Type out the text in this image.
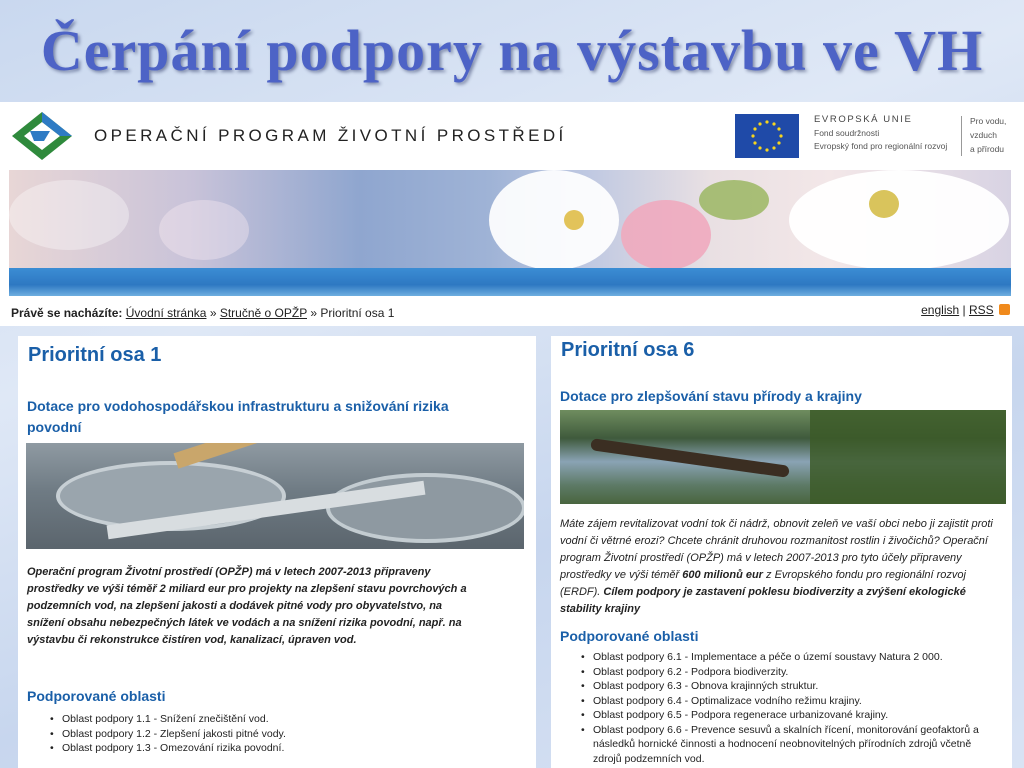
Čerpání podpory na výstavbu ve VH
OPERAČNÍ PROGRAM ŽIVOTNÍ PROSTŘEDÍ
EVROPSKÁ UNIE
Fond soudržnosti
Evropský fond pro regionální rozvoj
Pro vodu,
vzduch
a přírodu
Právě se nacházíte: Úvodní stránka » Stručně o OPŽP » Prioritní osa 1	english | RSS
Prioritní osa 1
Dotace pro vodohospodářskou infrastrukturu a snižování rizika povodní
Operační program Životní prostředí (OPŽP) má v letech 2007-2013 připraveny prostředky ve výši téměř 2 miliard eur pro projekty na zlepšení stavu povrchových a podzemních vod, na zlepšení jakosti a dodávek pitné vody pro obyvatelstvo, na snížení obsahu nebezpečných látek ve vodách a na snížení rizika povodní, např. na výstavbu či rekonstrukce čistíren vod, kanalizací, úpraven vod.
Podporované oblasti
• Oblast podpory 1.1 - Snížení znečištění vod.
• Oblast podpory 1.2 - Zlepšení jakosti pitné vody.
• Oblast podpory 1.3 - Omezování rizika povodní.
Prioritní osa 6
Dotace pro zlepšování stavu přírody a krajiny
Máte zájem revitalizovat vodní tok či nádrž, obnovit zeleň ve vaší obci nebo ji zajistit proti vodní či větrné erozi? Chcete chránit druhovou rozmanitost rostlin i živočichů? Operační program Životní prostředí (OPŽP) má v letech 2007-2013 pro tyto účely připraveny prostředky ve výši téměř 600 milionů eur z Evropského fondu pro regionální rozvoj (ERDF). Cílem podpory je zastavení poklesu biodiverzity a zvýšení ekologické stability krajiny
Podporované oblasti
• Oblast podpory 6.1 - Implementace a péče o území soustavy Natura 2 000.
• Oblast podpory 6.2 - Podpora biodiverzity.
• Oblast podpory 6.3 - Obnova krajinných struktur.
• Oblast podpory 6.4 - Optimalizace vodního režimu krajiny.
• Oblast podpory 6.5 - Podpora regenerace urbanizované krajiny.
• Oblast podpory 6.6 - Prevence sesuvů a skalních řícení, monitorování geofaktorů a následků hornické činnosti a hodnocení neobnovitelných přírodních zdrojů včetně zdrojů podzemních vod.
